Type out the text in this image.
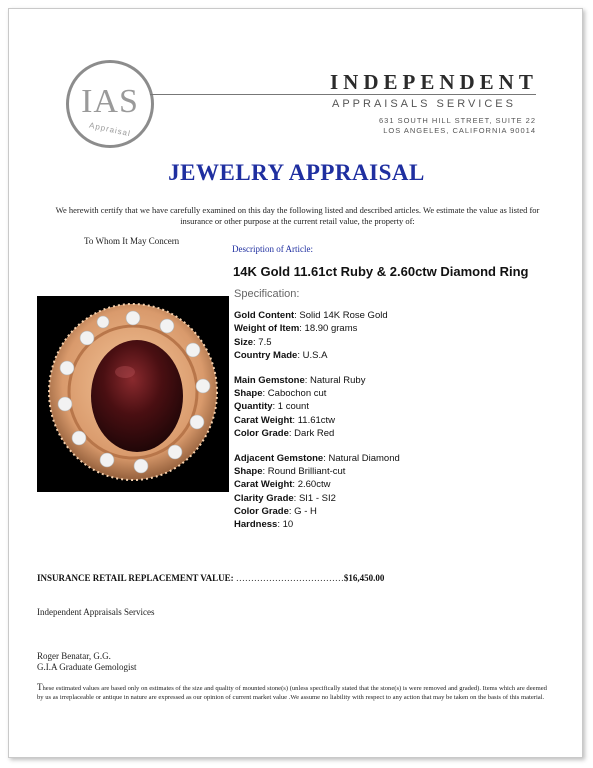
IAS
Appraisal
INDEPENDENT
APPRAISALS SERVICES
631 SOUTH HILL STREET, SUITE 22
LOS ANGELES, CALIFORNIA 90014
JEWELRY APPRAISAL
We herewith certify that we have carefully examined on this day the following listed and described articles. We estimate the value as listed for insurance or other purpose at the current retail value, the property of:
To Whom It May Concern
Description of Article:
14K Gold 11.61ct Ruby & 2.60ctw Diamond Ring
Specification:
Gold Content: Solid 14K Rose Gold
Weight of Item: 18.90 grams
Size: 7.5
Country Made: U.S.A
Main Gemstone: Natural Ruby
Shape: Cabochon cut
Quantity: 1 count
Carat Weight: 11.61ctw
Color Grade: Dark Red
Adjacent Gemstone: Natural Diamond
Shape: Round Brilliant-cut
Carat Weight: 2.60ctw
Clarity Grade: SI1 - SI2
Color Grade: G - H
Hardness: 10
INSURANCE RETAIL REPLACEMENT VALUE: ………………………………$16,450.00
Independent Appraisals Services
Roger Benatar, G.G.
G.I.A Graduate Gemologist
These estimated values are based only on estimates of the size and quality of mounted stone(s) (unless specifically stated that the stone(s) is were removed and graded). Items which are deemed by us as irreplaceable or antique in nature are expressed as our opinion of current market value .We assume no liability with respect to any action that may be taken on the basis of this material.
